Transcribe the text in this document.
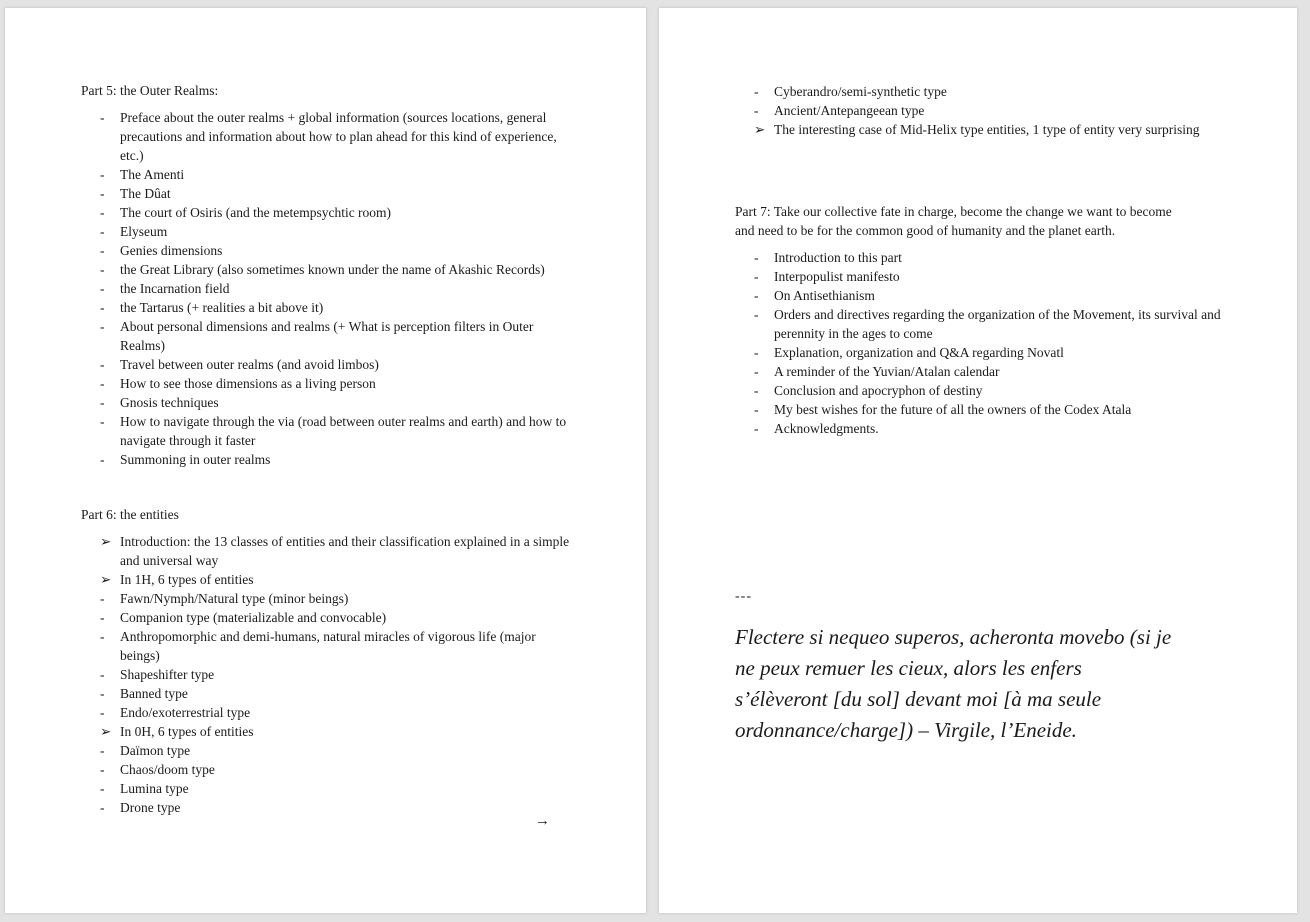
Part 5: the Outer Realms:
-	Preface about the outer realms + global information (sources locations, general precautions and information about how to plan ahead for this kind of experience, etc.)
-	The Amenti
-	The Dûat
-	The court of Osiris (and the metempsychtic room)
-	Elyseum
-	Genies dimensions
-	the Great Library (also sometimes known under the name of Akashic Records)
-	the Incarnation field
-	the Tartarus (+ realities a bit above it)
-	About personal dimensions and realms (+ What is perception filters in Outer Realms)
-	Travel between outer realms (and avoid limbos)
-	How to see those dimensions as a living person
-	Gnosis techniques
-	How to navigate through the via (road between outer realms and earth) and how to navigate through it faster
-	Summoning in outer realms
Part 6: the entities
➢ Introduction: the 13 classes of entities and their classification explained in a simple and universal way
➢ In 1H, 6 types of entities
-	Fawn/Nymph/Natural type (minor beings)
-	Companion type (materializable and convocable)
-	Anthropomorphic and demi-humans, natural miracles of vigorous life (major beings)
-	Shapeshifter type
-	Banned type
-	Endo/exoterrestrial type
➢ In 0H, 6 types of entities
-	Daïmon type
-	Chaos/doom type
-	Lumina type
-	Drone type
→
-	Cyberandro/semi-synthetic type
-	Ancient/Antepangeean type
➢ The interesting case of Mid-Helix type entities, 1 type of entity very surprising
Part 7: Take our collective fate in charge, become the change we want to become and need to be for the common good of humanity and the planet earth.
-	Introduction to this part
-	Interpopulist manifesto
-	On Antisethianism
-	Orders and directives regarding the organization of the Movement, its survival and perennity in the ages to come
-	Explanation, organization and Q&A regarding Novatl
-	A reminder of the Yuvian/Atalan calendar
-	Conclusion and apocryphon of destiny
-	My best wishes for the future of all the owners of the Codex Atala
-	Acknowledgments.
---
Flectere si nequeo superos, acheronta movebo (si je
ne peux remuer les cieux, alors les enfers
s’élèveront [du sol] devant moi [à ma seule
ordonnance/charge]) – Virgile, l’Eneide.
